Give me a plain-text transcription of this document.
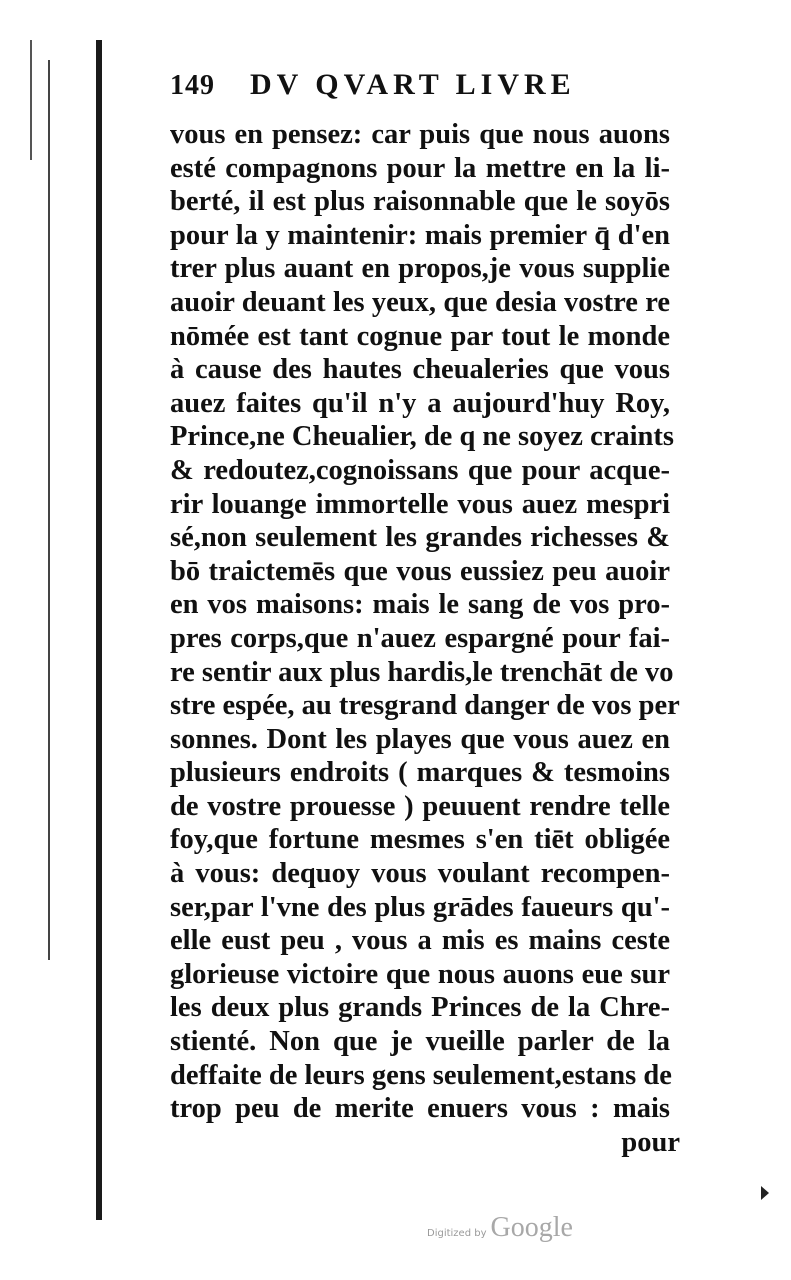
149	DV QVART LIVRE
vous en pensez: car puis que nous auons
esté compagnons pour la mettre en la li-
berté, il est plus raisonnable que le soyōs
pour la y maintenir: mais premier q̄ d'en
trer plus auant en propos,je vous supplie
auoir deuant les yeux, que desia vostre re
nōmée est tant cognue par tout le monde
à cause des hautes cheualeries que vous
auez faites qu'il n'y a aujourd'huy Roy,
Prince,ne Cheualier, de q ne soyez craints
& redoutez,cognoissans que pour acque-
rir louange immortelle vous auez mespri
sé,non seulement les grandes richesses &
bō traictemēs que vous eussiez peu auoir
en vos maisons: mais le sang de vos pro-
pres corps,que n'auez espargné pour fai-
re sentir aux plus hardis,le trenchāt de vo
stre espée, au tresgrand danger de vos per
sonnes. Dont les playes que vous auez en
plusieurs endroits ( marques & tesmoins
de vostre prouesse ) peuuent rendre telle
foy,que fortune mesmes s'en tiēt obligée
à vous: dequoy vous voulant recompen-
ser,par l'vne des plus grādes faueurs qu'-
elle eust peu , vous a mis es mains ceste
glorieuse victoire que nous auons eue sur
les deux plus grands Princes de la Chre-
stienté. Non que je vueille parler de la
deffaite de leurs gens seulement,estans de
trop peu de merite enuers vous : mais
pour
Digitized by Google
